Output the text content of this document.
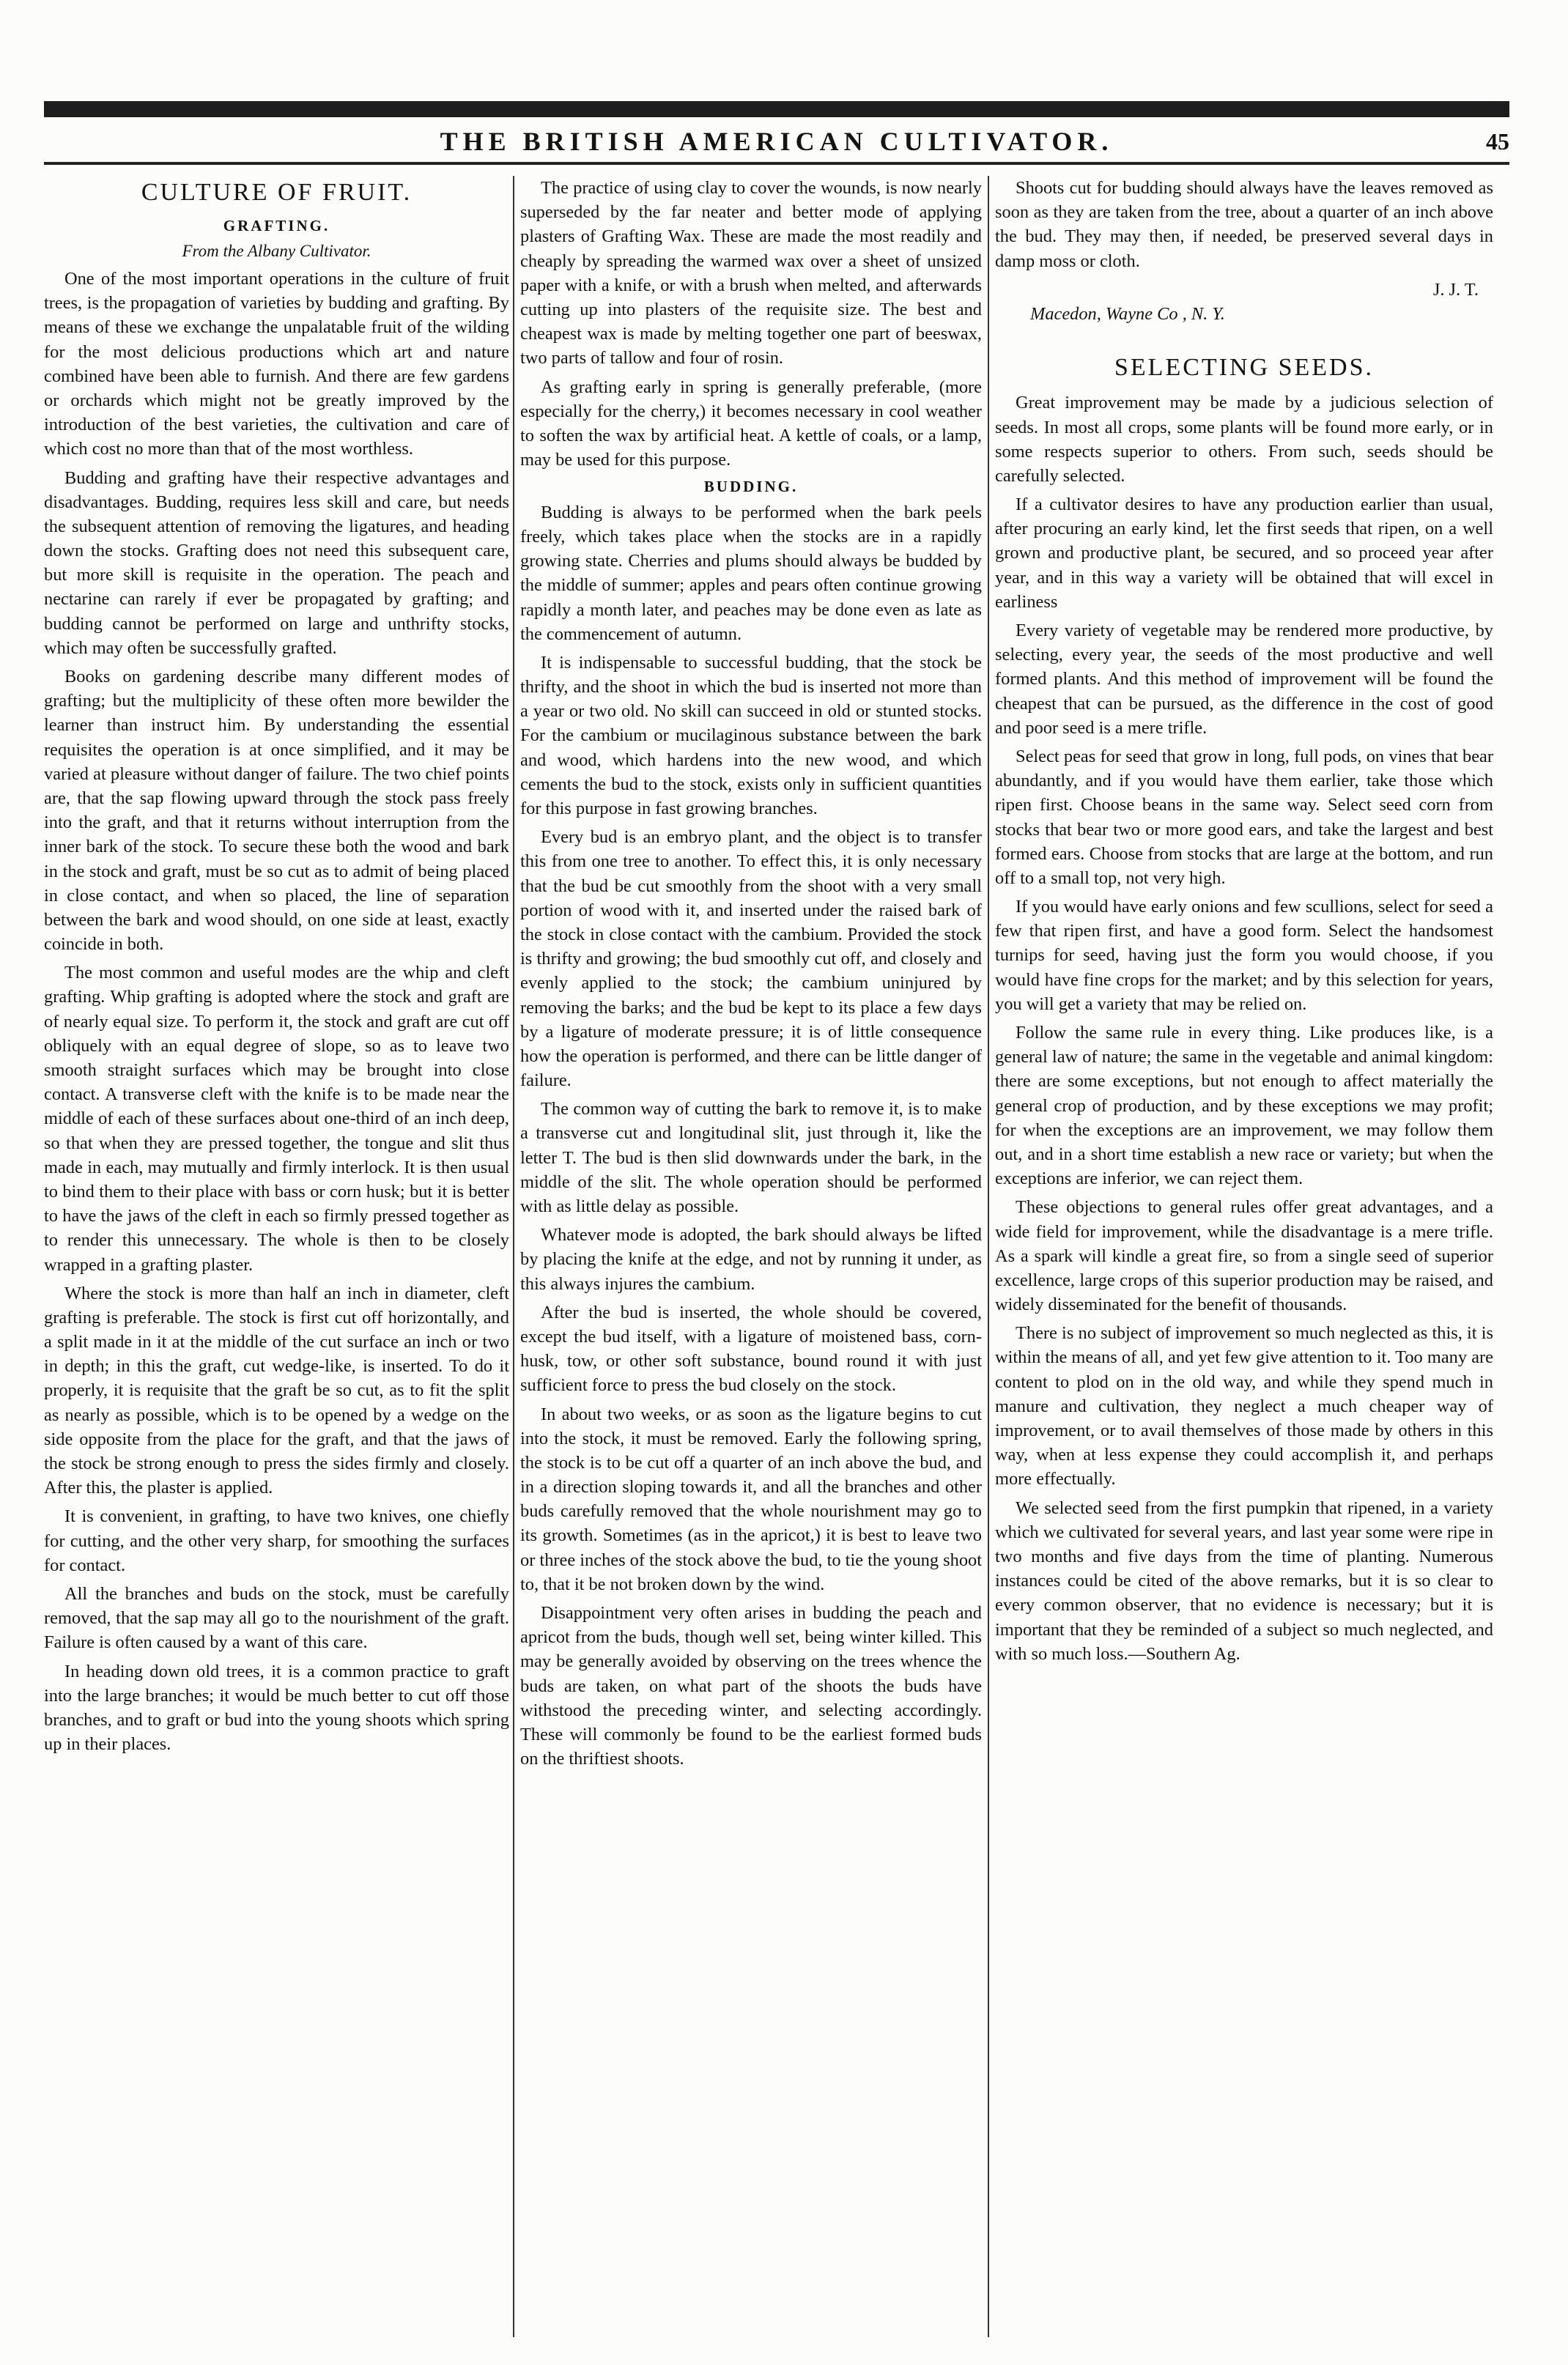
THE BRITISH AMERICAN CULTIVATOR.	45
CULTURE OF FRUIT.
GRAFTING.
From the Albany Cultivator.

One of the most important operations in the culture of fruit trees, is the propagation of varieties by budding and grafting. By means of these we exchange the unpalatable fruit of the wilding for the most delicious productions which art and nature combined have been able to furnish. And there are few gardens or orchards which might not be greatly improved by the introduction of the best varieties, the cultivation and care of which cost no more than that of the most worthless.

Budding and grafting have their respective advantages and disadvantages. Budding, requires less skill and care, but needs the subsequent attention of removing the ligatures, and heading down the stocks. Grafting does not need this subsequent care, but more skill is requisite in the operation. The peach and nectarine can rarely if ever be propagated by grafting; and budding cannot be performed on large and unthrifty stocks, which may often be successfully grafted.

Books on gardening describe many different modes of grafting; but the multiplicity of these often more bewilder the learner than instruct him. By understanding the essential requisites the operation is at once simplified, and it may be varied at pleasure without danger of failure. The two chief points are, that the sap flowing upward through the stock pass freely into the graft, and that it returns without interruption from the inner bark of the stock. To secure these both the wood and bark in the stock and graft, must be so cut as to admit of being placed in close contact, and when so placed, the line of separation between the bark and wood should, on one side at least, exactly coincide in both.

The most common and useful modes are the whip and cleft grafting. Whip grafting is adopted where the stock and graft are of nearly equal size. To perform it, the stock and graft are cut off obliquely with an equal degree of slope, so as to leave two smooth straight surfaces which may be brought into close contact. A transverse cleft with the knife is to be made near the middle of each of these surfaces about one-third of an inch deep, so that when they are pressed together, the tongue and slit thus made in each, may mutually and firmly interlock. It is then usual to bind them to their place with bass or corn husk; but it is better to have the jaws of the cleft in each so firmly pressed together as to render this unnecessary. The whole is then to be closely wrapped in a grafting plaster.

Where the stock is more than half an inch in diameter, cleft grafting is preferable. The stock is first cut off horizontally, and a split made in it at the middle of the cut surface an inch or two in depth; in this the graft, cut wedge-like, is inserted. To do it properly, it is requisite that the graft be so cut, as to fit the split as nearly as possible, which is to be opened by a wedge on the side opposite from the place for the graft, and that the jaws of the stock be strong enough to press the sides firmly and closely. After this, the plaster is applied.

It is convenient, in grafting, to have two knives, one chiefly for cutting, and the other very sharp, for smoothing the surfaces for contact.

All the branches and buds on the stock, must be carefully removed, that the sap may all go to the nourishment of the graft. Failure is often caused by a want of this care.

In heading down old trees, it is a common practice to graft into the large branches; it would be much better to cut off those branches, and to graft or bud into the young shoots which spring up in their places.

The practice of using clay to cover the wounds, is now nearly superseded by the far neater and better mode of applying plasters of Grafting Wax. These are made the most readily and cheaply by spreading the warmed wax over a sheet of unsized paper with a knife, or with a brush when melted, and afterwards cutting up into plasters of the requisite size. The best and cheapest wax is made by melting together one part of beeswax, two parts of tallow and four of rosin.

As grafting early in spring is generally preferable, (more especially for the cherry,) it becomes necessary in cool weather to soften the wax by artificial heat. A kettle of coals, or a lamp, may be used for this purpose.

BUDDING.

Budding is always to be performed when the bark peels freely, which takes place when the stocks are in a rapidly growing state. Cherries and plums should always be budded by the middle of summer; apples and pears often continue growing rapidly a month later, and peaches may be done even as late as the commencement of autumn.

It is indispensable to successful budding, that the stock be thrifty, and the shoot in which the bud is inserted not more than a year or two old. No skill can succeed in old or stunted stocks. For the cambium or mucilaginous substance between the bark and wood, which hardens into the new wood, and which cements the bud to the stock, exists only in sufficient quantities for this purpose in fast growing branches.

Every bud is an embryo plant, and the object is to transfer this from one tree to another. To effect this, it is only necessary that the bud be cut smoothly from the shoot with a very small portion of wood with it, and inserted under the raised bark of the stock in close contact with the cambium. Provided the stock is thrifty and growing; the bud smoothly cut off, and closely and evenly applied to the stock; the cambium uninjured by removing the barks; and the bud be kept to its place a few days by a ligature of moderate pressure; it is of little consequence how the operation is performed, and there can be little danger of failure.

The common way of cutting the bark to remove it, is to make a transverse cut and longitudinal slit, just through it, like the letter T. The bud is then slid downwards under the bark, in the middle of the slit. The whole operation should be performed with as little delay as possible.

Whatever mode is adopted, the bark should always be lifted by placing the knife at the edge, and not by running it under, as this always injures the cambium.

After the bud is inserted, the whole should be covered, except the bud itself, with a ligature of moistened bass, corn-husk, tow, or other soft substance, bound round it with just sufficient force to press the bud closely on the stock.

In about two weeks, or as soon as the ligature begins to cut into the stock, it must be removed. Early the following spring, the stock is to be cut off a quarter of an inch above the bud, and in a direction sloping towards it, and all the branches and other buds carefully removed that the whole nourishment may go to its growth. Sometimes (as in the apricot,) it is best to leave two or three inches of the stock above the bud, to tie the young shoot to, that it be not broken down by the wind.

Disappointment very often arises in budding the peach and apricot from the buds, though well set, being winter killed. This may be generally avoided by observing on the trees whence the buds are taken, on what part of the shoots the buds have withstood the preceding winter, and selecting accordingly. These will commonly be found to be the earliest formed buds on the thriftiest shoots.

Shoots cut for budding should always have the leaves removed as soon as they are taken from the tree, about a quarter of an inch above the bud. They may then, if needed, be preserved several days in damp moss or cloth.

J. J. T.
Macedon, Wayne Co , N. Y.
SELECTING SEEDS.

Great improvement may be made by a judicious selection of seeds. In most all crops, some plants will be found more early, or in some respects superior to others. From such, seeds should be carefully selected.

If a cultivator desires to have any production earlier than usual, after procuring an early kind, let the first seeds that ripen, on a well grown and productive plant, be secured, and so proceed year after year, and in this way a variety will be obtained that will excel in earliness

Every variety of vegetable may be rendered more productive, by selecting, every year, the seeds of the most productive and well formed plants. And this method of improvement will be found the cheapest that can be pursued, as the difference in the cost of good and poor seed is a mere trifle.

Select peas for seed that grow in long, full pods, on vines that bear abundantly, and if you would have them earlier, take those which ripen first. Choose beans in the same way. Select seed corn from stocks that bear two or more good ears, and take the largest and best formed ears. Choose from stocks that are large at the bottom, and run off to a small top, not very high.

If you would have early onions and few scullions, select for seed a few that ripen first, and have a good form. Select the handsomest turnips for seed, having just the form you would choose, if you would have fine crops for the market; and by this selection for years, you will get a variety that may be relied on.

Follow the same rule in every thing. Like produces like, is a general law of nature; the same in the vegetable and animal kingdom: there are some exceptions, but not enough to affect materially the general crop of production, and by these exceptions we may profit; for when the exceptions are an improvement, we may follow them out, and in a short time establish a new race or variety; but when the exceptions are inferior, we can reject them.

These objections to general rules offer great advantages, and a wide field for improvement, while the disadvantage is a mere trifle. As a spark will kindle a great fire, so from a single seed of superior excellence, large crops of this superior production may be raised, and widely disseminated for the benefit of thousands.

There is no subject of improvement so much neglected as this, it is within the means of all, and yet few give attention to it. Too many are content to plod on in the old way, and while they spend much in manure and cultivation, they neglect a much cheaper way of improvement, or to avail themselves of those made by others in this way, when at less expense they could accomplish it, and perhaps more effectually.

We selected seed from the first pumpkin that ripened, in a variety which we cultivated for several years, and last year some were ripe in two months and five days from the time of planting. Numerous instances could be cited of the above remarks, but it is so clear to every common observer, that no evidence is necessary; but it is important that they be reminded of a subject so much neglected, and with so much loss.—Southern Ag.
